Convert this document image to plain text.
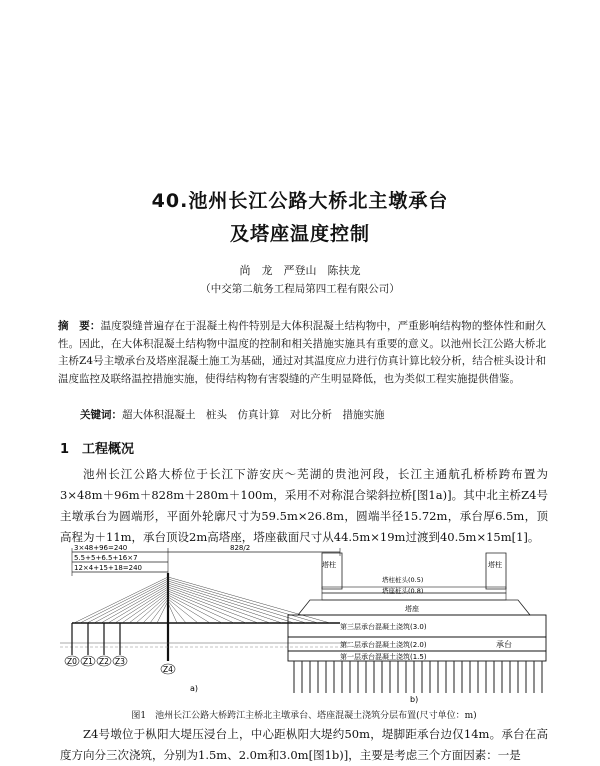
40.池州长江公路大桥北主墩承台
及塔座温度控制
尚　龙　严登山　陈扶龙
（中交第二航务工程局第四工程有限公司）
摘　要：温度裂缝普遍存在于混凝土构件特别是大体积混凝土结构物中，严重影响结构物的整体性和耐久性。因此，在大体积混凝土结构物中温度的控制和相关措施实施具有重要的意义。以池州长江公路大桥北主桥Z4号主墩承台及塔座混凝土施工为基础，通过对其温度应力进行仿真计算比较分析，结合桩头设计和温度监控及联络温控措施实施，使得结构物有害裂缝的产生明显降低，也为类似工程实施提供借鉴。
关键词：超大体积混凝土　桩头　仿真计算　对比分析　措施实施
1　工程概况
池州长江公路大桥位于长江下游安庆～芜湖的贵池河段，长江主通航孔桥桥跨布置为3×48m＋96m＋828m＋280m＋100m，采用不对称混合梁斜拉桥[图1a)]。其中北主桥Z4号主墩承台为圆端形，平面外轮廓尺寸为59.5m×26.8m，圆端半径15.72m，承台厚6.5m，顶高程为＋11m，承台顶设2m高塔座，塔座截面尺寸从44.5m×19m过渡到40.5m×15m[1]。
3×48+96=240
5.5+5+6.5+16×7
12×4+15+18=240
828/2
Z0 Z1 Z2 Z3
Z4
a)
塔柱	塔柱
塔柱桩头(0.5)
塔座桩头(0.8)
塔座
第三层承台混凝土浇筑(3.0)
第二层承台混凝土浇筑(2.0)
第一层承台混凝土浇筑(1.5)
承台
b)
图1　池州长江公路大桥跨江主桥北主墩承台、塔座混凝土浇筑分层布置(尺寸单位：m)
Z4号墩位于枞阳大堤压浸台上，中心距枞阳大堤约50m，堤脚距承台边仅14m。承台在高度方向分三次浇筑，分别为1.5m、2.0m和3.0m[图1b)]，主要是考虑三个方面因素：一是
